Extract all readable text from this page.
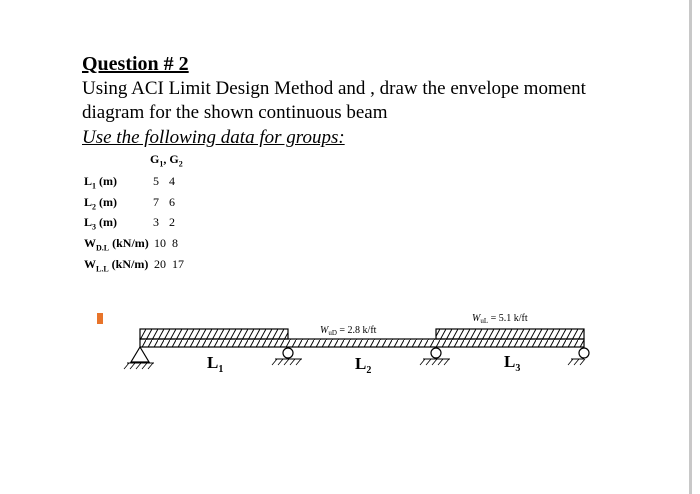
Question # 2
Using ACI Limit Design Method and , draw the envelope moment
diagram for the shown continuous beam
Use the following data for groups:
$G_1$, $G_2$
$L_1$ (m)	5 4
$L_2$ (m)	7 6
$L_3$ (m)	3 2
$W_{D.L}$ (kN/m) 10 8
$W_{L.L}$ (kN/m) 20 17
$W_{uD} = 2.8$ k/ft
$W_{uL} = 5.1$ k/ft
$L_1$	$L_2$	$L_3$
